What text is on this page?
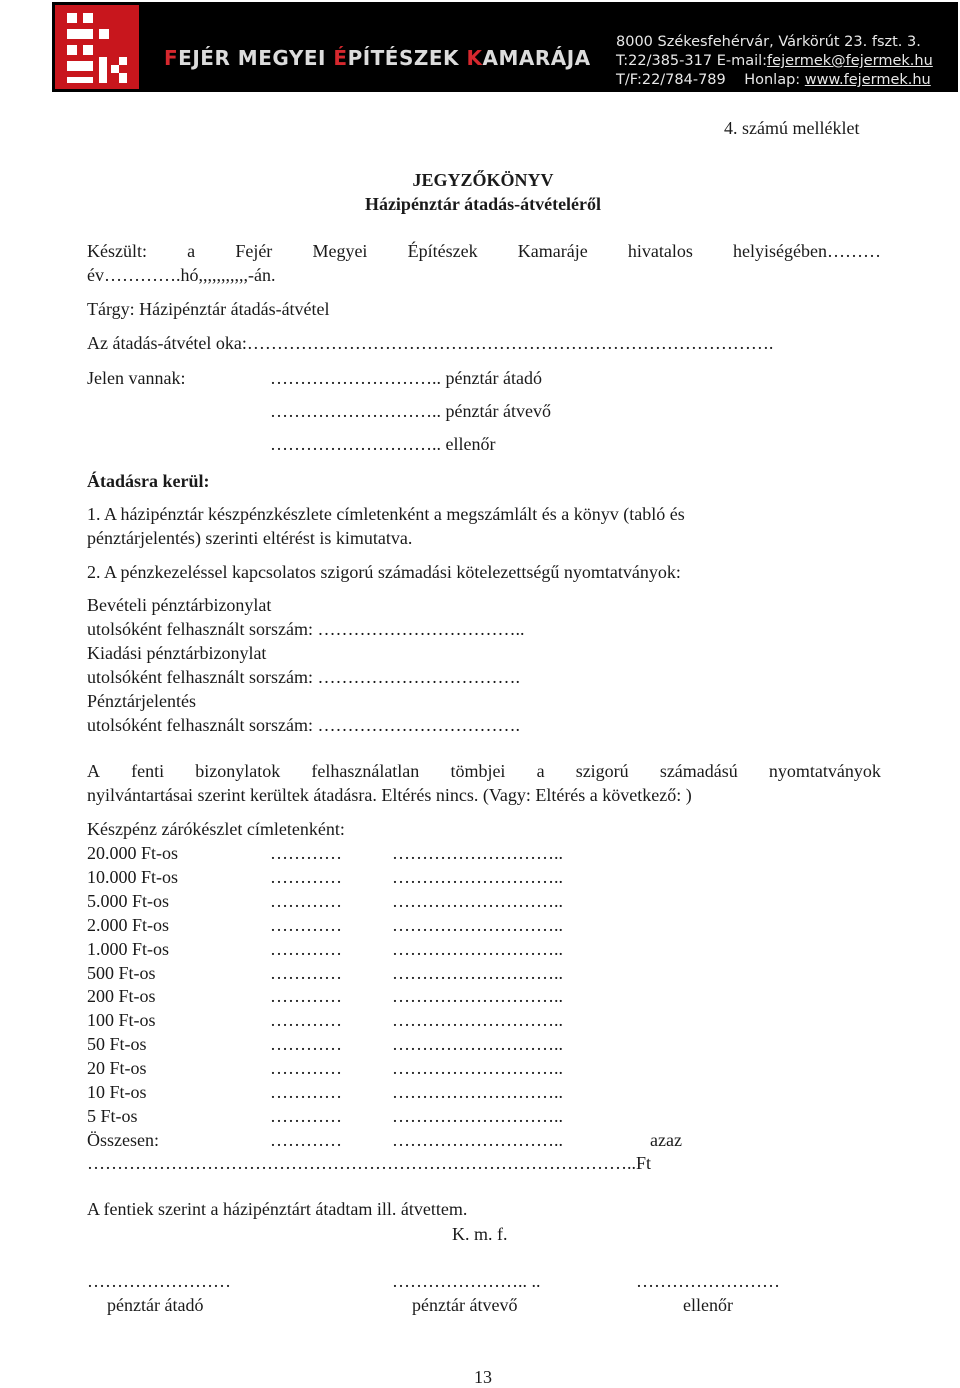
FEJÉR MEGYEI ÉPÍTÉSZEK KAMARÁJA
8000 Székesfehérvár, Várkörút 23. fszt. 3.
T:22/385-317 E-mail:fejermek@fejermek.hu
T/F:22/784-789 Honlap: www.fejermek.hu
4. számú melléklet
JEGYZŐKÖNYV
Házipénztár átadás-átvételéről
Készült: a Fejér Megyei Építészek Kamaráje hivatalos helyiségében………
év………….hó,,,,,,,,,,,-án.
Tárgy: Házipénztár átadás-átvétel
Az átadás-átvétel oka:…………………………………………………………………………….
Jelen vannak:	……………………….. pénztár átadó
……………………….. pénztár átvevő
……………………….. ellenőr
Átadásra kerül:
1. A házipénztár készpénzkészlete címletenként a megszámlált és a könyv (tabló és
pénztárjelentés) szerinti eltérést is kimutatva.
2. A pénzkezeléssel kapcsolatos szigorú számadási kötelezettségű nyomtatványok:
Bevételi pénztárbizonylat
utolsóként felhasznált sorszám: ……………………………..
Kiadási pénztárbizonylat
utolsóként felhasznált sorszám: …………………………….
Pénztárjelentés
utolsóként felhasznált sorszám: …………………………….
A fenti bizonylatok felhasználatlan tömbjei a szigorú számadású nyomtatványok
nyilvántartásai szerint kerültek átadásra. Eltérés nincs. (Vagy: Eltérés a következő: )
Készpénz zárókészlet címletenként:
20.000 Ft-os	…………	………………………..
10.000 Ft-os	…………	………………………..
5.000 Ft-os	…………	………………………..
2.000 Ft-os	…………	………………………..
1.000 Ft-os	…………	………………………..
500 Ft-os	…………	………………………..
200 Ft-os	…………	………………………..
100 Ft-os	…………	………………………..
50 Ft-os	…………	………………………..
20 Ft-os	…………	………………………..
10 Ft-os	…………	………………………..
5 Ft-os	…………	………………………..
Összesen:	…………	………………………..	azaz
………………………………………………………………………………..Ft
A fentiek szerint a házipénztárt átadtam ill. átvettem.
K. m. f.
……………………	………………….. ..	……………………
pénztár átadó	pénztár átvevő	ellenőr
13
